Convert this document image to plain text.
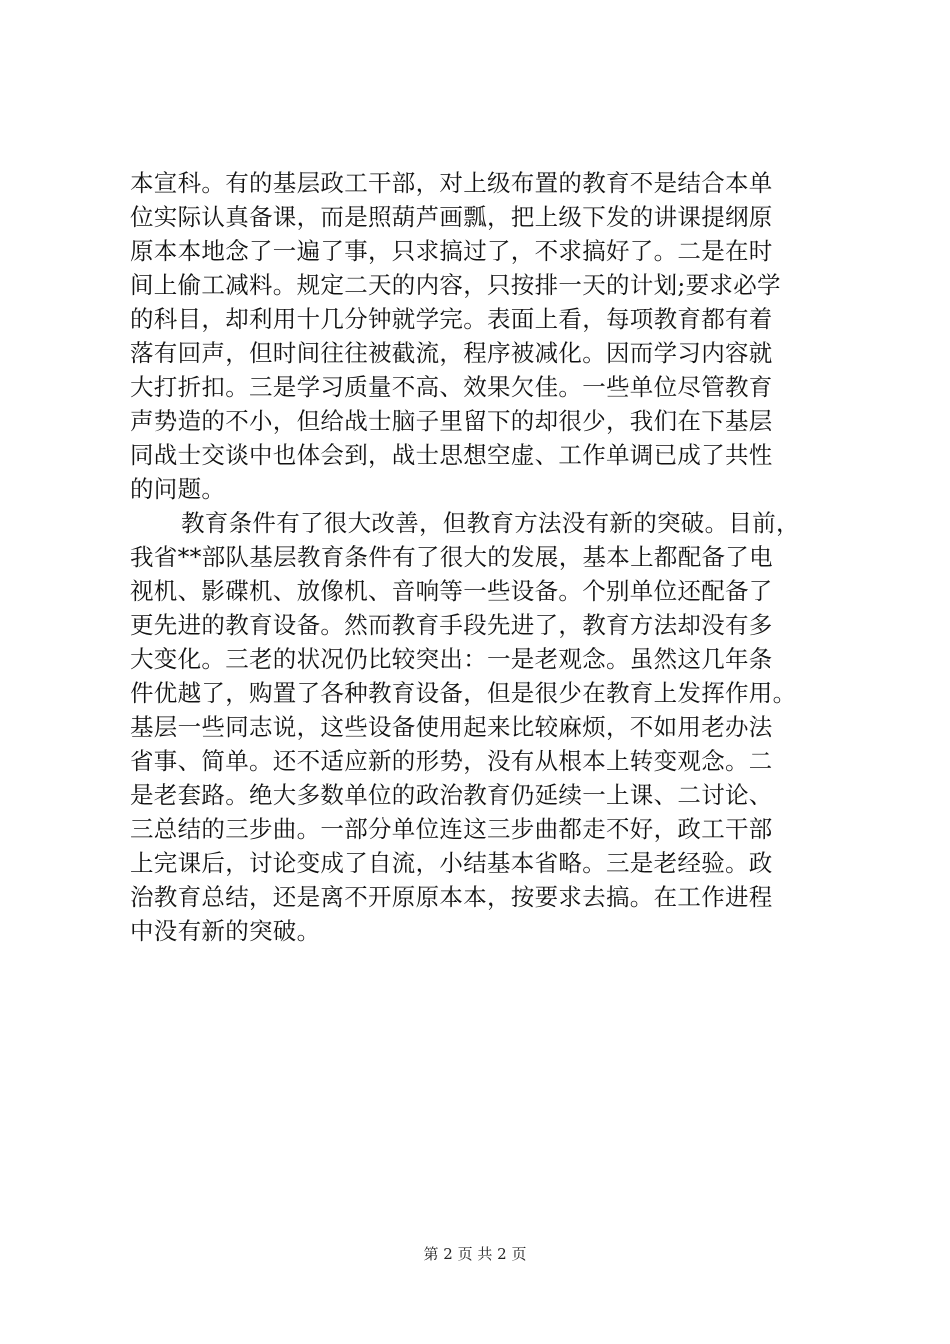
本宣科。有的基层政工干部，对上级布置的教育不是结合本单
位实际认真备课，而是照葫芦画瓢，把上级下发的讲课提纲原
原本本地念了一遍了事，只求搞过了，不求搞好了。二是在时
间上偷工减料。规定二天的内容，只按排一天的计划;要求必学
的科目，却利用十几分钟就学完。表面上看，每项教育都有着
落有回声，但时间往往被截流，程序被减化。因而学习内容就
大打折扣。三是学习质量不高、效果欠佳。一些单位尽管教育
声势造的不小，但给战士脑子里留下的却很少，我们在下基层
同战士交谈中也体会到，战士思想空虚、工作单调已成了共性
的问题。
教育条件有了很大改善，但教育方法没有新的突破。目前，
我省**部队基层教育条件有了很大的发展，基本上都配备了电
视机、影碟机、放像机、音响等一些设备。个别单位还配备了
更先进的教育设备。然而教育手段先进了，教育方法却没有多
大变化。三老的状况仍比较突出：一是老观念。虽然这几年条
件优越了，购置了各种教育设备，但是很少在教育上发挥作用。
基层一些同志说，这些设备使用起来比较麻烦，不如用老办法
省事、简单。还不适应新的形势，没有从根本上转变观念。二
是老套路。绝大多数单位的政治教育仍延续一上课、二讨论、
三总结的三步曲。一部分单位连这三步曲都走不好，政工干部
上完课后，讨论变成了自流，小结基本省略。三是老经验。政
治教育总结，还是离不开原原本本，按要求去搞。在工作进程
中没有新的突破。
第 2 页 共 2 页
